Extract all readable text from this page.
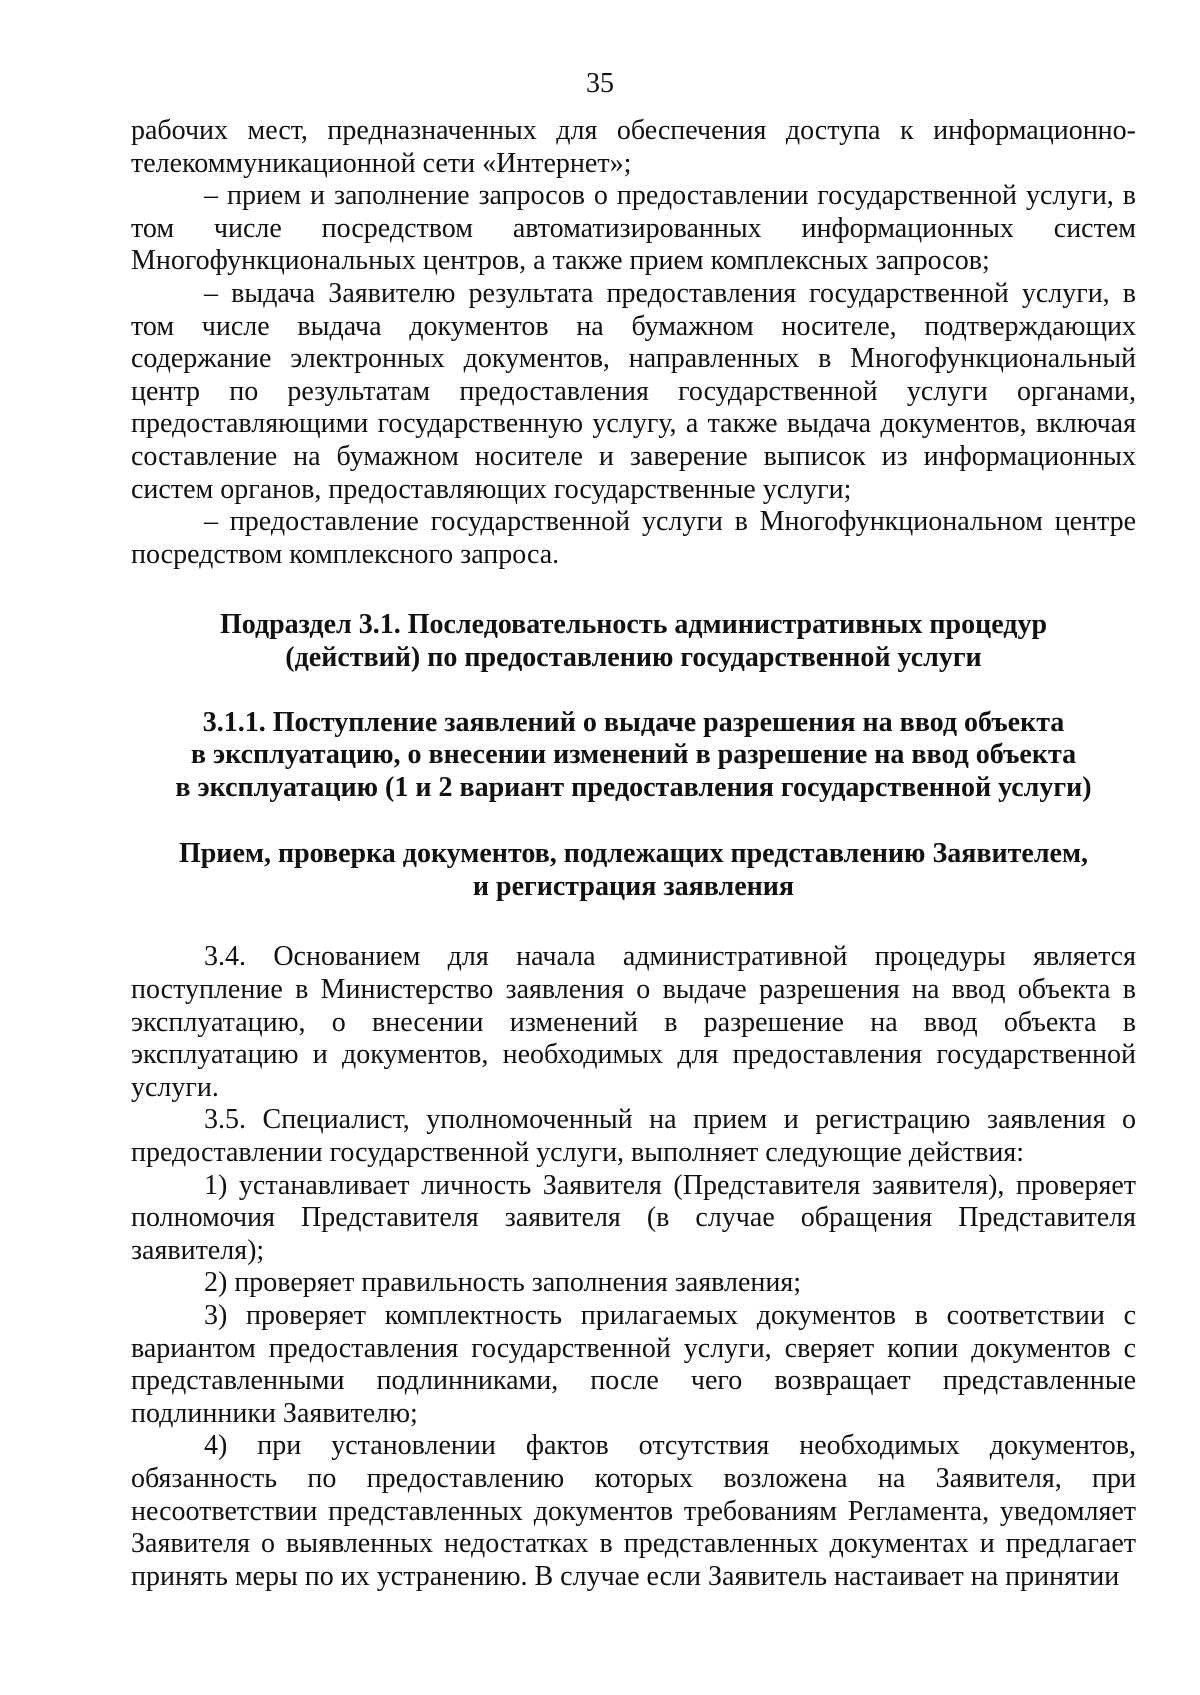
35

рабочих мест, предназначенных для обеспечения доступа к информационно-телекоммуникационной сети «Интернет»;

– прием и заполнение запросов о предоставлении государственной услуги, в том числе посредством автоматизированных информационных систем Многофункциональных центров, а также прием комплексных запросов;

– выдача Заявителю результата предоставления государственной услуги, в том числе выдача документов на бумажном носителе, подтверждающих содержание электронных документов, направленных в Многофункциональный центр по результатам предоставления государственной услуги органами, предоставляющими государственную услугу, а также выдача документов, включая составление на бумажном носителе и заверение выписок из информационных систем органов, предоставляющих государственные услуги;

– предоставление государственной услуги в Многофункциональном центре посредством комплексного запроса.

Подраздел 3.1. Последовательность административных процедур
(действий) по предоставлению государственной услуги
3.1.1. Поступление заявлений о выдаче разрешения на ввод объекта
в эксплуатацию, о внесении изменений в разрешение на ввод объекта
в эксплуатацию (1 и 2 вариант предоставления государственной услуги)
Прием, проверка документов, подлежащих представлению Заявителем,
и регистрация заявления

3.4. Основанием для начала административной процедуры является поступление в Министерство заявления о выдаче разрешения на ввод объекта в эксплуатацию, о внесении изменений в разрешение на ввод объекта в эксплуатацию и документов, необходимых для предоставления государственной услуги.

3.5. Специалист, уполномоченный на прием и регистрацию заявления о предоставлении государственной услуги, выполняет следующие действия:

1) устанавливает личность Заявителя (Представителя заявителя), проверяет полномочия Представителя заявителя (в случае обращения Представителя заявителя);

2) проверяет правильность заполнения заявления;

3) проверяет комплектность прилагаемых документов в соответствии с вариантом предоставления государственной услуги, сверяет копии документов с представленными подлинниками, после чего возвращает представленные подлинники Заявителю;

4) при установлении фактов отсутствия необходимых документов, обязанность по предоставлению которых возложена на Заявителя, при несоответствии представленных документов требованиям Регламента, уведомляет Заявителя о выявленных недостатках в представленных документах и предлагает принять меры по их устранению. В случае если Заявитель настаивает на принятии
